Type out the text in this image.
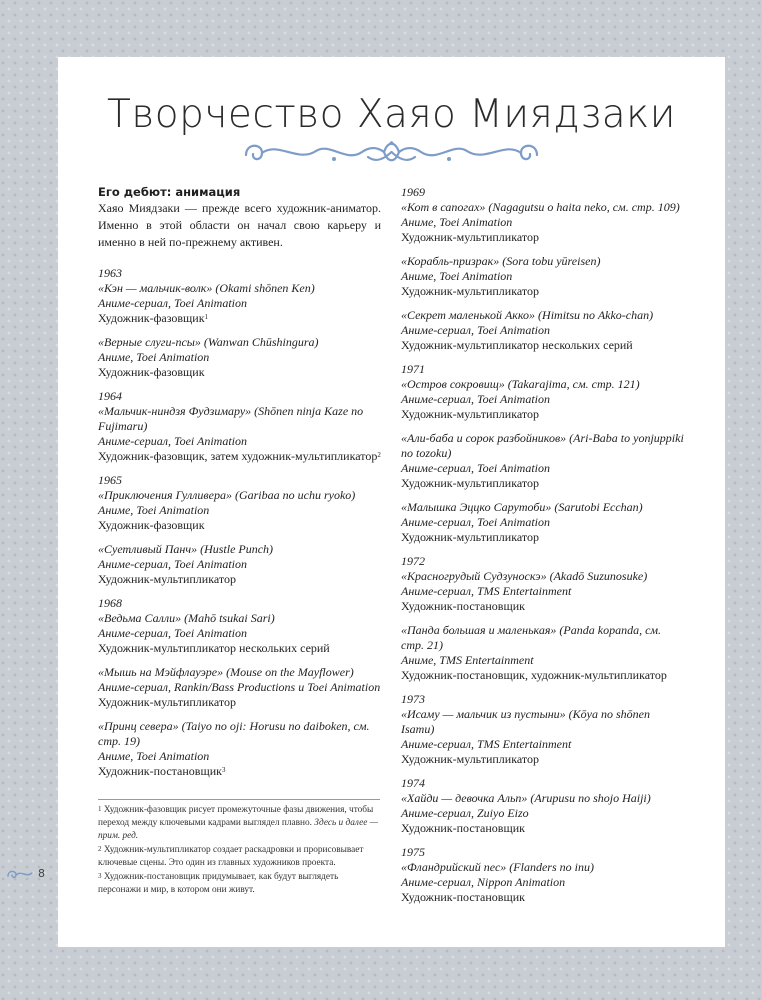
Творчество Хаяо Миядзаки
Его дебют: анимация

Хаяо Миядзаки — прежде всего художник-аниматор. Именно в этой области он начал свою карьеру и именно в ней по-прежнему активен.

1963
«Кэн — мальчик-волк» (Okami shōnen Ken)
Аниме-сериал, Toei Animation
Художник-фазовщик$^1$
«Верные слуги-псы» (Wanwan Chūshingura)
Аниме, Toei Animation
Художник-фазовщик
1964
«Мальчик-ниндзя Фудзимару» (Shōnen ninja Kaze no Fujimaru)
Аниме-сериал, Toei Animation
Художник-фазовщик, затем художник-мультипликатор$^2$
1965
«Приключения Гулливера» (Garibaa no uchu ryoko)
Аниме, Toei Animation
Художник-фазовщик
«Суетливый Панч» (Hustle Punch)
Аниме-сериал, Toei Animation
Художник-мультипликатор
1968
«Ведьма Салли» (Mahō tsukai Sari)
Аниме-сериал, Toei Animation
Художник-мультипликатор нескольких серий
«Мышь на Мэйфлауэре» (Mouse on the Mayflower)
Аниме-сериал, Rankin/Bass Productions и Toei Animation
Художник-мультипликатор
«Принц севера» (Taiyo no oji: Horusu no daiboken, см. стр. 19)
Аниме, Toei Animation
Художник-постановщик$^3$
1969
«Кот в сапогах» (Nagagutsu o haita neko, см. стр. 109)
Аниме, Toei Animation
Художник-мультипликатор
«Корабль-призрак» (Sora tobu yūreisen)
Аниме, Toei Animation
Художник-мультипликатор
«Секрет маленькой Акко» (Himitsu no Akko-chan)
Аниме-сериал, Toei Animation
Художник-мультипликатор нескольких серий
1971
«Остров сокровищ» (Takarajima, см. стр. 121)
Аниме-сериал, Toei Animation
Художник-мультипликатор
«Али-баба и сорок разбойников» (Ari-Baba to yonjuppiki no tozoku)
Аниме-сериал, Toei Animation
Художник-мультипликатор
«Малышка Эццко Сарутоби» (Sarutobi Ecchan)
Аниме-сериал, Toei Animation
Художник-мультипликатор
1972
«Красногрудый Судзуноскэ» (Akadō Suzunosuke)
Аниме-сериал, TMS Entertainment
Художник-постановщик
«Панда большая и маленькая» (Panda kopanda, см. стр. 21)
Аниме, TMS Entertainment
Художник-постановщик, художник-мультипликатор
1973
«Исаму — мальчик из пустыни» (Kōya no shōnen Isamu)
Аниме-сериал, TMS Entertainment
Художник-мультипликатор
1974
«Хайди — девочка Альп» (Arupusu no shojo Haiji)
Аниме-сериал, Zuiyo Eizo
Художник-постановщик
1975
«Фландрийский пес» (Flanders no inu)
Аниме-сериал, Nippon Animation
Художник-постановщик

$^1$ Художник-фазовщик рисует промежуточные фазы движения, чтобы переход между ключевыми кадрами выглядел плавно. Здесь и далее — прим. ред.

$^2$ Художник-мультипликатор создает раскадровки и прорисовывает ключевые сцены. Это один из главных художников проекта.

$^3$ Художник-постановщик придумывает, как будут выглядеть персонажи и мир, в котором они живут.

8
